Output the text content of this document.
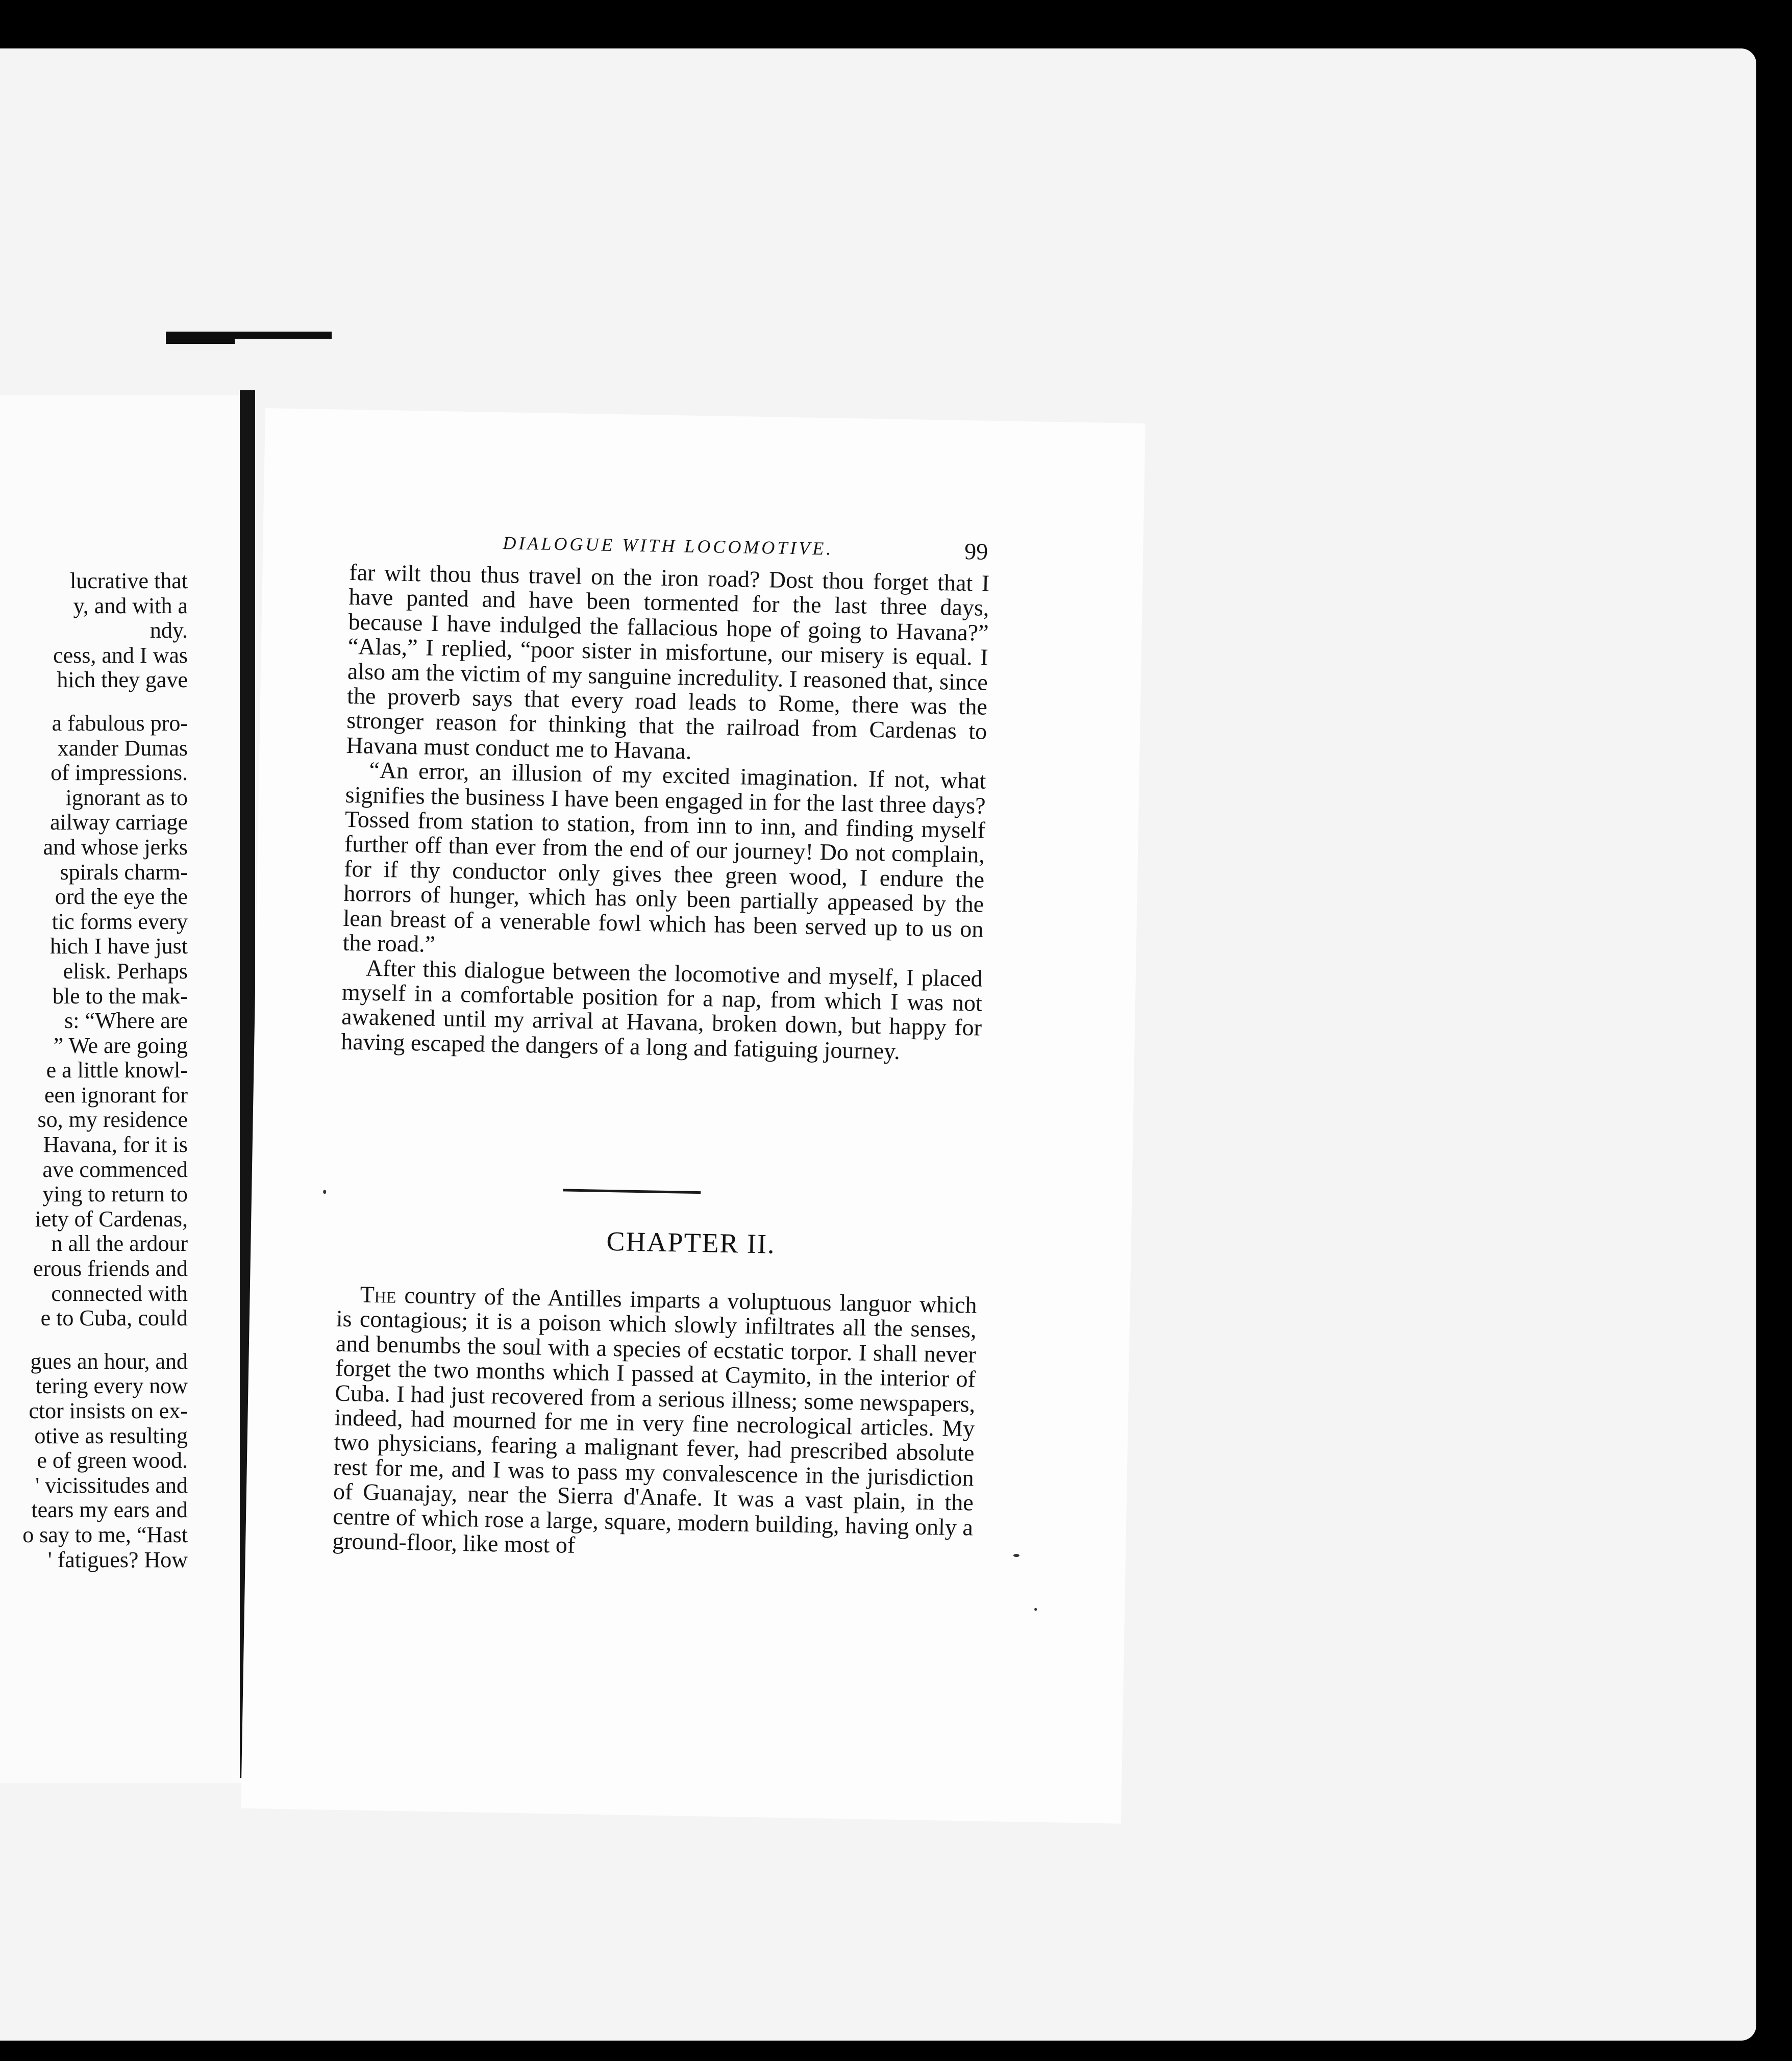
lucrative that
y, and with a
ndy.
cess, and I was
hich they gave
a fabulous pro-
xander Dumas
of impressions.
ignorant as to
ailway carriage
and whose jerks
spirals charm-
ord the eye the
tic forms every
hich I have just
elisk. Perhaps
ble to the mak-
s: “Where are
” We are going
e a little knowl-
een ignorant for
so, my residence
Havana, for it is
ave commenced
ying to return to
iety of Cardenas,
n all the ardour
erous friends and
connected with
e to Cuba, could
gues an hour, and
tering every now
ctor insists on ex-
otive as resulting
e of green wood.
' vicissitudes and
tears my ears and
o say to me, “Hast
' fatigues? How
DIALOGUE WITH LOCOMOTIVE.	99

far wilt thou thus travel on the iron road? Dost thou forget that I have panted and have been tormented for the last three days, because I have indulged the fallacious hope of going to Havana?” “Alas,” I replied, “poor sister in misfortune, our misery is equal. I also am the victim of my sanguine incredulity. I reasoned that, since the proverb says that every road leads to Rome, there was the stronger reason for thinking that the railroad from Cardenas to Havana must conduct me to Havana.

“An error, an illusion of my excited imagination. If not, what signifies the business I have been engaged in for the last three days? Tossed from station to station, from inn to inn, and finding myself further off than ever from the end of our journey! Do not complain, for if thy conductor only gives thee green wood, I endure the horrors of hunger, which has only been partially appeased by the lean breast of a venerable fowl which has been served up to us on the road.”

After this dialogue between the locomotive and myself, I placed myself in a comfortable position for a nap, from which I was not awakened until my arrival at Havana, broken down, but happy for having escaped the dangers of a long and fatiguing journey.

CHAPTER II.

The country of the Antilles imparts a voluptuous languor which is contagious; it is a poison which slowly infiltrates all the senses, and benumbs the soul with a species of ecstatic torpor. I shall never forget the two months which I passed at Caymito, in the interior of Cuba. I had just recovered from a serious illness; some newspapers, indeed, had mourned for me in very fine necrological articles. My two physicians, fearing a malignant fever, had prescribed absolute rest for me, and I was to pass my convalescence in the jurisdiction of Guanajay, near the Sierra d'Anafe. It was a vast plain, in the centre of which rose a large, square, modern building, having only a ground-floor, like most of
